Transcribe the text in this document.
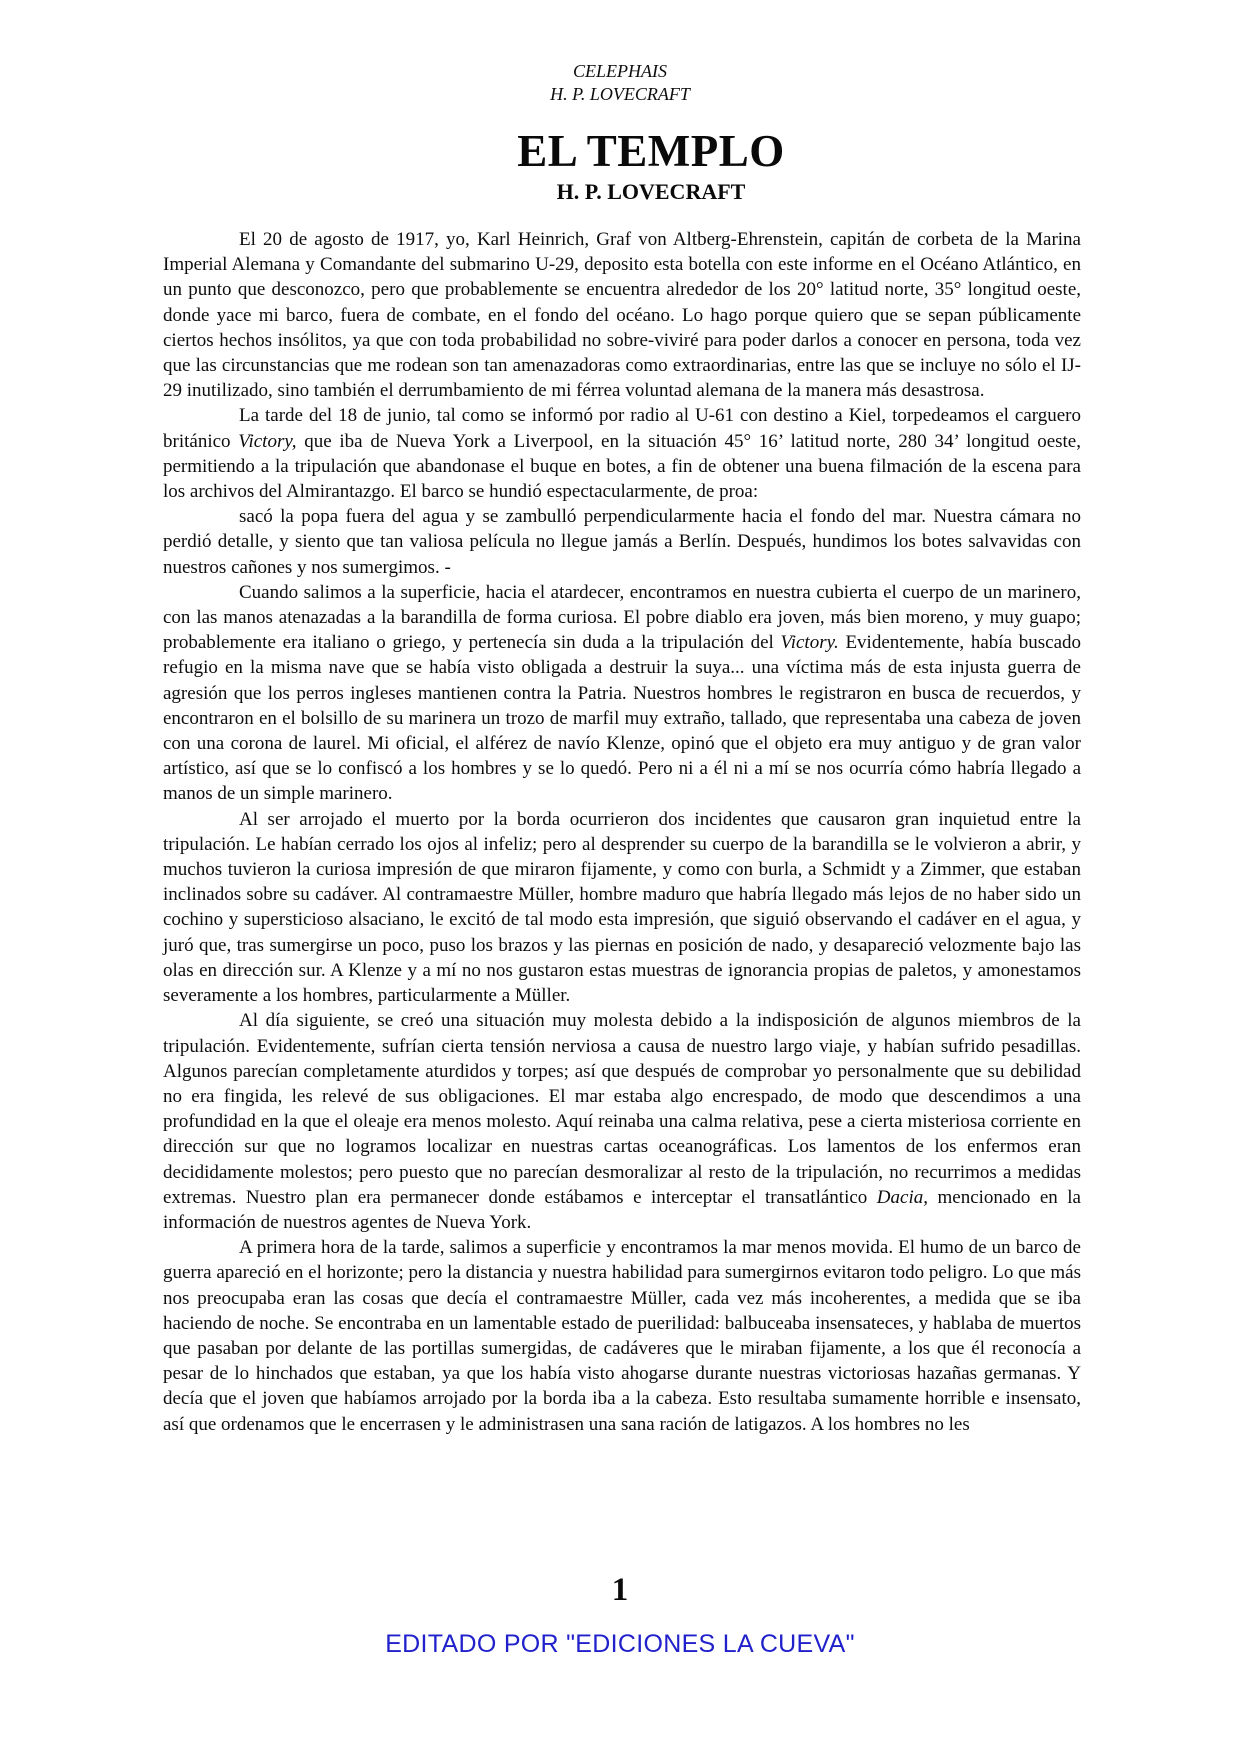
CELEPHAIS
H. P. LOVECRAFT
EL TEMPLO
H. P. LOVECRAFT

El 20 de agosto de 1917, yo, Karl Heinrich, Graf von Altberg-Ehrenstein, capitán de corbeta de la Marina Imperial Alemana y Comandante del submarino U-29, deposito esta botella con este informe en el Océano Atlántico, en un punto que desconozco, pero que probablemente se encuentra alrededor de los 20° latitud norte, 35° longitud oeste, donde yace mi barco, fuera de combate, en el fondo del océano. Lo hago porque quiero que se sepan públicamente ciertos hechos insólitos, ya que con toda probabilidad no sobre-viviré para poder darlos a conocer en persona, toda vez que las circunstancias que me rodean son tan amenazadoras como extraordinarias, entre las que se incluye no sólo el IJ-29 inutilizado, sino también el derrumbamiento de mi férrea voluntad alemana de la manera más desastrosa.

La tarde del 18 de junio, tal como se informó por radio al U-61 con destino a Kiel, torpedeamos el carguero británico Victory, que iba de Nueva York a Liverpool, en la situación 45° 16’ latitud norte, 280 34’ longitud oeste, permitiendo a la tripulación que abandonase el buque en botes, a fin de obtener una buena filmación de la escena para los archivos del Almirantazgo. El barco se hundió espectacularmente, de proa:

sacó la popa fuera del agua y se zambulló perpendicularmente hacia el fondo del mar. Nuestra cámara no perdió detalle, y siento que tan valiosa película no llegue jamás a Berlín. Después, hundimos los botes salvavidas con nuestros cañones y nos sumergimos. -

Cuando salimos a la superficie, hacia el atardecer, encontramos en nuestra cubierta el cuerpo de un marinero, con las manos atenazadas a la barandilla de forma curiosa. El pobre diablo era joven, más bien moreno, y muy guapo; probablemente era italiano o griego, y pertenecía sin duda a la tripulación del Victory. Evidentemente, había buscado refugio en la misma nave que se había visto obligada a destruir la suya... una víctima más de esta injusta guerra de agresión que los perros ingleses mantienen contra la Patria. Nuestros hombres le registraron en busca de recuerdos, y encontraron en el bolsillo de su marinera un trozo de marfil muy extraño, tallado, que representaba una cabeza de joven con una corona de laurel. Mi oficial, el alférez de navío Klenze, opinó que el objeto era muy antiguo y de gran valor artístico, así que se lo confiscó a los hombres y se lo quedó. Pero ni a él ni a mí se nos ocurría cómo habría llegado a manos de un simple marinero.

Al ser arrojado el muerto por la borda ocurrieron dos incidentes que causaron gran inquietud entre la tripulación. Le habían cerrado los ojos al infeliz; pero al desprender su cuerpo de la barandilla se le volvieron a abrir, y muchos tuvieron la curiosa impresión de que miraron fijamente, y como con burla, a Schmidt y a Zimmer, que estaban inclinados sobre su cadáver. Al contramaestre Müller, hombre maduro que habría llegado más lejos de no haber sido un cochino y supersticioso alsaciano, le excitó de tal modo esta impresión, que siguió observando el cadáver en el agua, y juró que, tras sumergirse un poco, puso los brazos y las piernas en posición de nado, y desapareció velozmente bajo las olas en dirección sur. A Klenze y a mí no nos gustaron estas muestras de ignorancia propias de paletos, y amonestamos severamente a los hombres, particularmente a Müller.

Al día siguiente, se creó una situación muy molesta debido a la indisposición de algunos miembros de la tripulación. Evidentemente, sufrían cierta tensión nerviosa a causa de nuestro largo viaje, y habían sufrido pesadillas. Algunos parecían completamente aturdidos y torpes; así que después de comprobar yo personalmente que su debilidad no era fingida, les relevé de sus obligaciones. El mar estaba algo encrespado, de modo que descendimos a una profundidad en la que el oleaje era menos molesto. Aquí reinaba una calma relativa, pese a cierta misteriosa corriente en dirección sur que no logramos localizar en nuestras cartas oceanográficas. Los lamentos de los enfermos eran decididamente molestos; pero puesto que no parecían desmoralizar al resto de la tripulación, no recurrimos a medidas extremas. Nuestro plan era permanecer donde estábamos e interceptar el transatlántico Dacia, mencionado en la información de nuestros agentes de Nueva York.

A primera hora de la tarde, salimos a superficie y encontramos la mar menos movida. El humo de un barco de guerra apareció en el horizonte; pero la distancia y nuestra habilidad para sumergirnos evitaron todo peligro. Lo que más nos preocupaba eran las cosas que decía el contramaestre Müller, cada vez más incoherentes, a medida que se iba haciendo de noche. Se encontraba en un lamentable estado de puerilidad: balbuceaba insensateces, y hablaba de muertos que pasaban por delante de las portillas sumergidas, de cadáveres que le miraban fijamente, a los que él reconocía a pesar de lo hinchados que estaban, ya que los había visto ahogarse durante nuestras victoriosas hazañas germanas. Y decía que el joven que habíamos arrojado por la borda iba a la cabeza. Esto resultaba sumamente horrible e insensato, así que ordenamos que le encerrasen y le administrasen una sana ración de latigazos. A los hombres no les

1
EDITADO POR "EDICIONES LA CUEVA"
